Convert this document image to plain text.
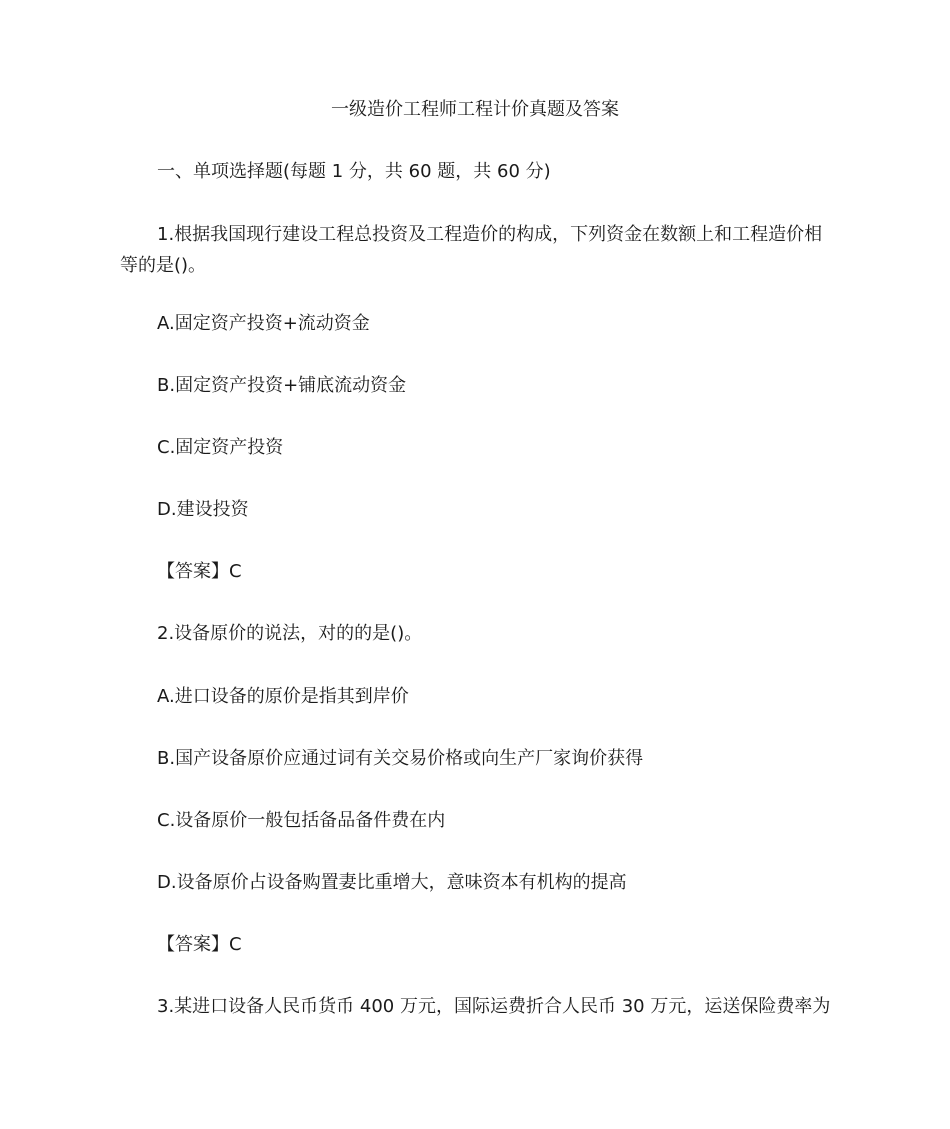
一级造价工程师工程计价真题及答案
一、单项选择题(每题 1 分，共 60 题，共 60 分)
1.根据我国现行建设工程总投资及工程造价的构成，下列资金在数额上和工程造价相等的是()。
A.固定资产投资+流动资金
B.固定资产投资+铺底流动资金
C.固定资产投资
D.建设投资
【答案】C
2.设备原价的说法，对的的是()。
A.进口设备的原价是指其到岸价
B.国产设备原价应通过词有关交易价格或向生产厂家询价获得
C.设备原价一般包括备品备件费在内
D.设备原价占设备购置妻比重增大，意味资本有机构的提高
【答案】C
3.某进口设备人民币货币 400 万元，国际运费折合人民币 30 万元，运送保险费率为
